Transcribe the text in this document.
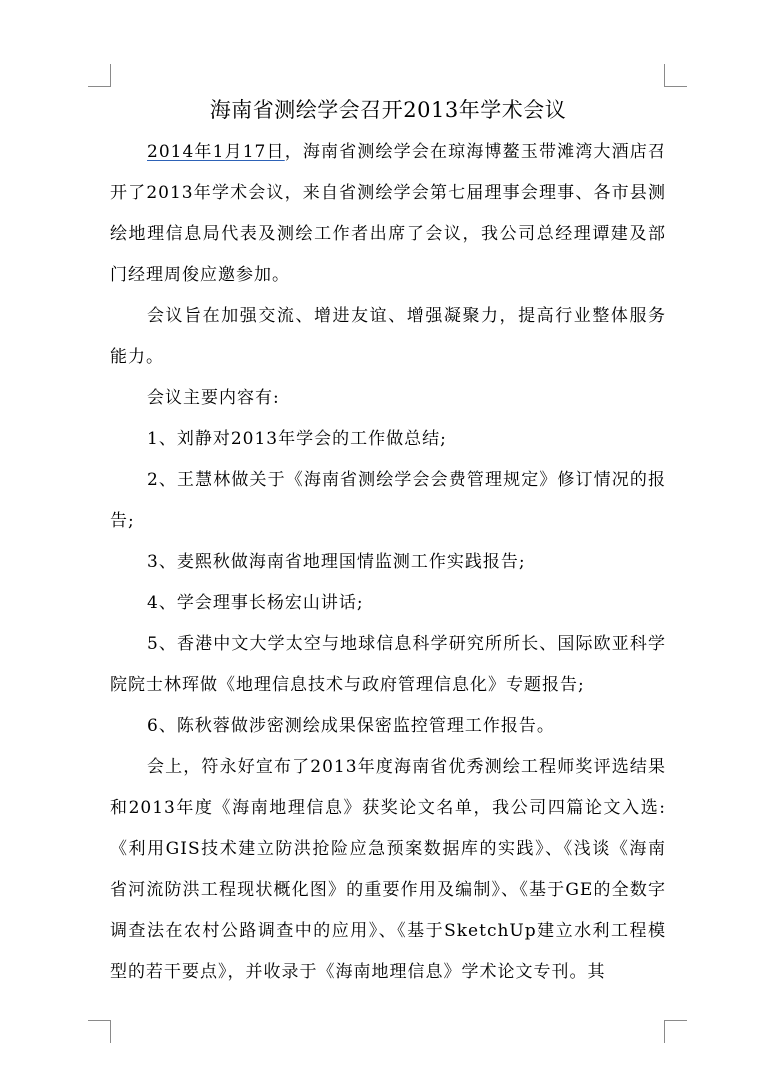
海南省测绘学会召开2013年学术会议

2014年1月17日，海南省测绘学会在琼海博鳌玉带滩湾大酒店召开了2013年学术会议，来自省测绘学会第七届理事会理事、各市县测绘地理信息局代表及测绘工作者出席了会议，我公司总经理谭建及部门经理周俊应邀参加。

会议旨在加强交流、增进友谊、增强凝聚力，提高行业整体服务能力。

会议主要内容有:

1、刘静对2013年学会的工作做总结;

2、王慧林做关于《海南省测绘学会会费管理规定》修订情况的报告;

3、麦熙秋做海南省地理国情监测工作实践报告;

4、学会理事长杨宏山讲话;

5、香港中文大学太空与地球信息科学研究所所长、国际欧亚科学院院士林珲做《地理信息技术与政府管理信息化》专题报告;

6、陈秋蓉做涉密测绘成果保密监控管理工作报告。

会上，符永好宣布了2013年度海南省优秀测绘工程师奖评选结果和2013年度《海南地理信息》获奖论文名单，我公司四篇论文入选:《利用GIS技术建立防洪抢险应急预案数据库的实践》、《浅谈《海南省河流防洪工程现状概化图》的重要作用及编制》、《基于GE的全数字调查法在农村公路调查中的应用》、《基于SketchUp建立水利工程模型的若干要点》，并收录于《海南地理信息》学术论文专刊。其
